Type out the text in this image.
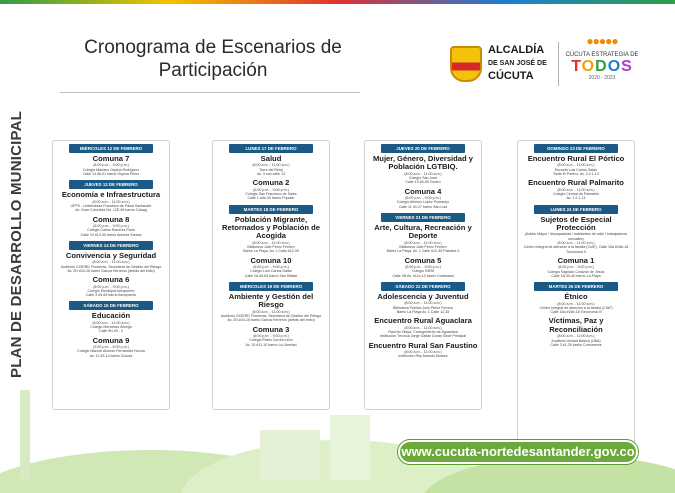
Cronograma de Escenarios de
Participación
ALCALDÍA
DE SAN JOSÉ DE
CÚCUTA
●●●●●
CÚCUTA ESTRATEGIA DE
TODOS
2020 - 2023
PLAN DE DESARROLLO MUNICIPAL	MIÉRCOLES 12 DE FEBRERO
Comuna 7
(8:00 p.m. - 9:00 p.m.)
Colegio Mariano Ospina Rodríguez
Calle 14 #6-01 barrio Ospina Pérez
JUEVES 13 DE FEBRERO
Economía e Infraestructura
(8:00 a.m. - 11:00 a.m.)
UFPS - Universidad Francisco de Paula Santander
Av. Gran Colombia No. 12E-96 barrio Colsag
Comuna 8
(6:00 p.m. - 9:00 p.m.)
Colegio Carlos Ramírez París
Calle 10 #13-35 barrio Antonia Santos
VIERNES 14 DE FEBRERO
Convivencia y Seguridad
(8:00 a.m. - 11:00 a.m.)
Auditorio CIGERD Fronteras, Secretaría de Gestión del Riesgo
Av. 2N #24-16 barrio García Herreros (detrás del éxito)
Comuna 6
(6:00 p.m. - 9:00 p.m.)
Colegio Municipal Aeropuerto
Calle 3 #5-69 barrio Aeropuerto
SÁBADO 15 DE FEBRERO
Educación
(8:00 a.m. - 11:00 a.m.)
Colegio Mercedes Ábrego
Calle 9N #0 - 2
Comuna 9
(3:00 p.m. - 6:00 p.m.)
Colegio Manuel Antonio Fernández Novoa
Av. 11 #3-14 barrio Cúcuta
LUNES 17 DE FEBRERO
Salud
(8:00 a.m. - 11:00 a.m.)
Torre del Reloj
Av. 3 con calle 13
Comuna 2
(6:00 p.m. - 9:00 p.m.)
Colegio San Francisco de Sales
Calle 1 #de-30 barrio Popular
MARTES 18 DE FEBRERO
Población Migrante, Retornados y Población de Acogida
(8:00 a.m. - 11:00 a.m.)
Biblioteca Julio Pérez Ferrero
Barrio La Playa. Av. 1 Calle #12-35
Comuna 10
(6:00 p.m. - 9:00 p.m.)
Colegio Luis Carlos Galán
Calle 2A #0-63 barrio San Rafael
MIÉRCOLES 19 DE FEBRERO
Ambiente y Gestión del Riesgo
(8:00 a.m. - 11:00 a.m.)
Auditorio CIGERD Fronteras, Secretaría de Gestión del Riesgo
Av. 2N #24-16 barrio García Herreros (detrás del éxito)
Comuna 3
(6:00 p.m. - 9:00 p.m.)
Colegio Pablo Correa León
Av. 10 #11-10 barrio La Libertad
JUEVES 20 DE FEBRERO
Mujer, Género, Diversidad y Población LGTBIQ.
(8:00 a.m. - 11:00 a.m.)
Colegio San José
Calle 13 #0-05 Centro
Comuna 4
(6:00 p.m. - 9:00 p.m.)
Colegio Alfonso López Pumarejo
Calle 11 #0-27 barrio San Luis
VIERNES 21 DE FEBRERO
Arte, Cultura, Recreación y Deporte
(8:00 a.m. - 11:00 a.m.)
Biblioteca Julio Pérez Ferrero
Barrio La Playa. Av. 1 Calle #12-35 Palestra 3
Comuna 5
(6:00 p.m. - 9:00 p.m.)
Colegio INEM
Calle 4N Av. #11e-12 barrio Guaimaral
SÁBADO 22 DE FEBRERO
Adolescencia y Juventud
(8:00 a.m. - 11:00 a.m.)
Biblioteca Pública Julio Pérez Ferrero
Barrio La Playa Av. 1 Calle 12-35
Encuentro Rural Aguaclara
(8:00 a.m. - 11:00 a.m.)
Rancho Olaya, Corregimiento de Aguaclara
Institución Técnica Jorge Gaitán Durán Sede Principal
Encuentro Rural San Faustino
(8:00 a.m. - 11:00 a.m.)
Institución Rey Manuel Álvarez
DOMINGO 23 DE FEBRERO
Encuentro Rural El Pórtico
(8:00 a.m. - 11:00 a.m.)
Escuela Luis Carlos Galán
Sede El Pórtico, Av. 2 # 1-14
Encuentro Rural Palmarito
(8:00 a.m. - 11:00 a.m.)
Colegio Central de Palmarito
Av. 2 # 1-14
LUNES 24 DE FEBRERO
Sujetos de Especial Protección
(Adulto Mayor / discapacidad / habitantes de calle / trabajadores sexuales)
(8:00 a.m. - 11:00 a.m.)
Centro Integral de atención a la familia (CIAF), Calle 15a #16b-18 Torcoroma II
Comuna 1
(6:00 p.m. - 9:00 p.m.)
Colegio Sagrado Corazón de Jesús
Calle 1N #0-40 barrio La Playa
MARTES 25 DE FEBRERO
Étnico
(8:00 a.m. - 11:00 a.m.)
Centro Integral de atención a la familia (CIAF)
Calle 15a #16b-18 Torcoroma III
Víctimas, Paz y Reconciliación
(8:00 a.m. - 11:00 a.m.)
Auditorio Unidad Básica (UBA)
Calle 3 #1-29 barrio Comuneros
www.cucuta-nortedesantander.gov.co
